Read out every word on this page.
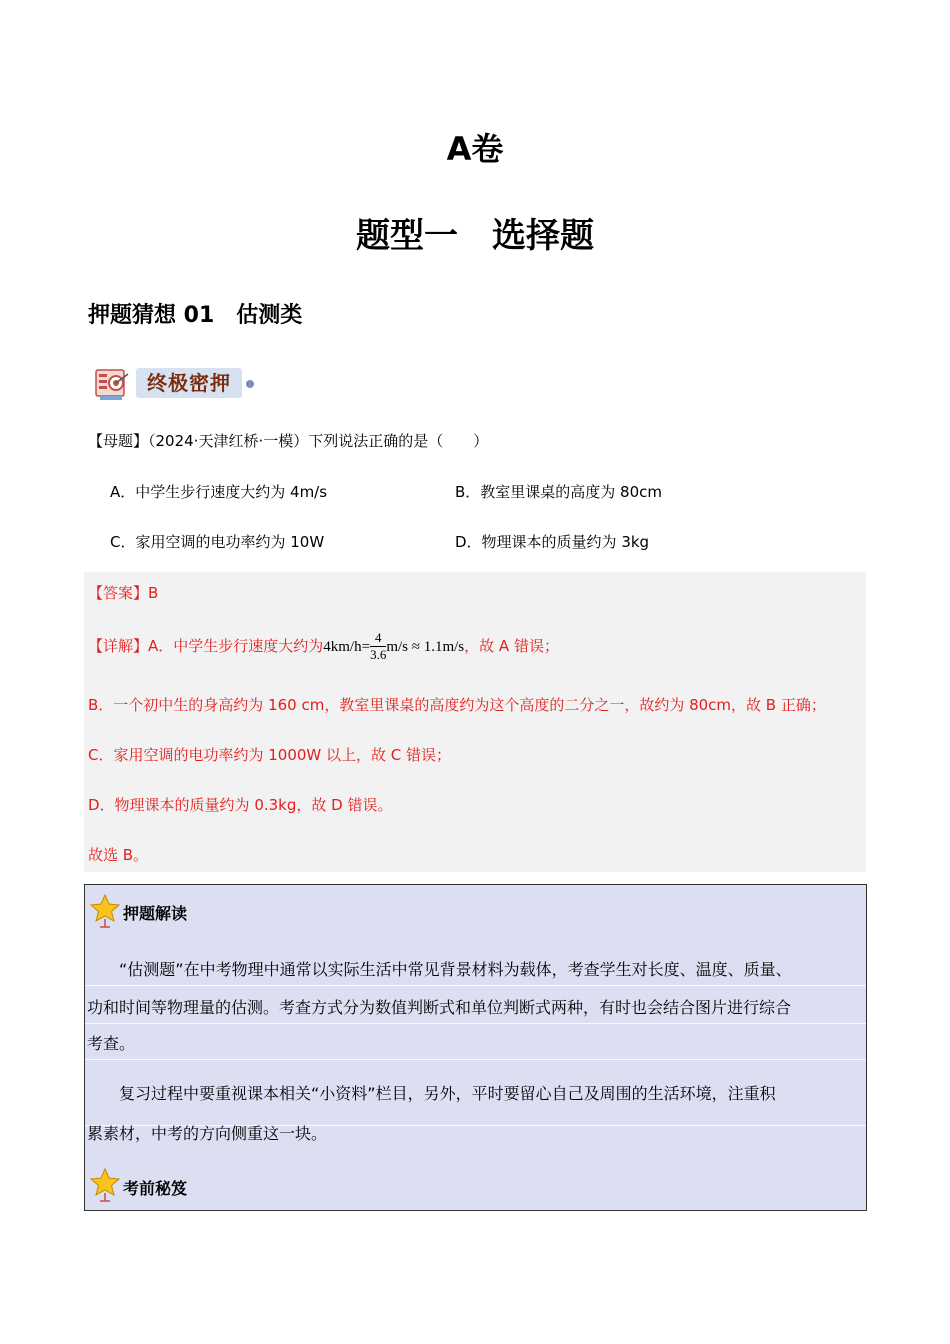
A卷
题型一　选择题
押题猜想 01　估测类
终极密押
【母题】（2024·天津红桥·一模）下列说法正确的是（　　）
A．中学生步行速度大约为 4m/s	B．教室里课桌的高度为 80cm
C．家用空调的电功率约为 10W	D．物理课本的质量约为 3kg
【答案】B
【详解】A．中学生步行速度大约为$4km/h= \frac{4}{3.6} m/s \approx 1.1m/s$，故 A 错误；
B．一个初中生的身高约为 160 cm，教室里课桌的高度约为这个高度的二分之一，故约为 80cm，故 B 正确；
C．家用空调的电功率约为 1000W 以上，故 C 错误；
D．物理课本的质量约为 0.3kg，故 D 错误。
故选 B。
押题解读
“估测题”在中考物理中通常以实际生活中常见背景材料为载体，考查学生对长度、温度、质量、
功和时间等物理量的估测。考查方式分为数值判断式和单位判断式两种，有时也会结合图片进行综合
考查。
复习过程中要重视课本相关“小资料”栏目，另外，平时要留心自己及周围的生活环境，注重积
累素材，中考的方向侧重这一块。
考前秘笈
